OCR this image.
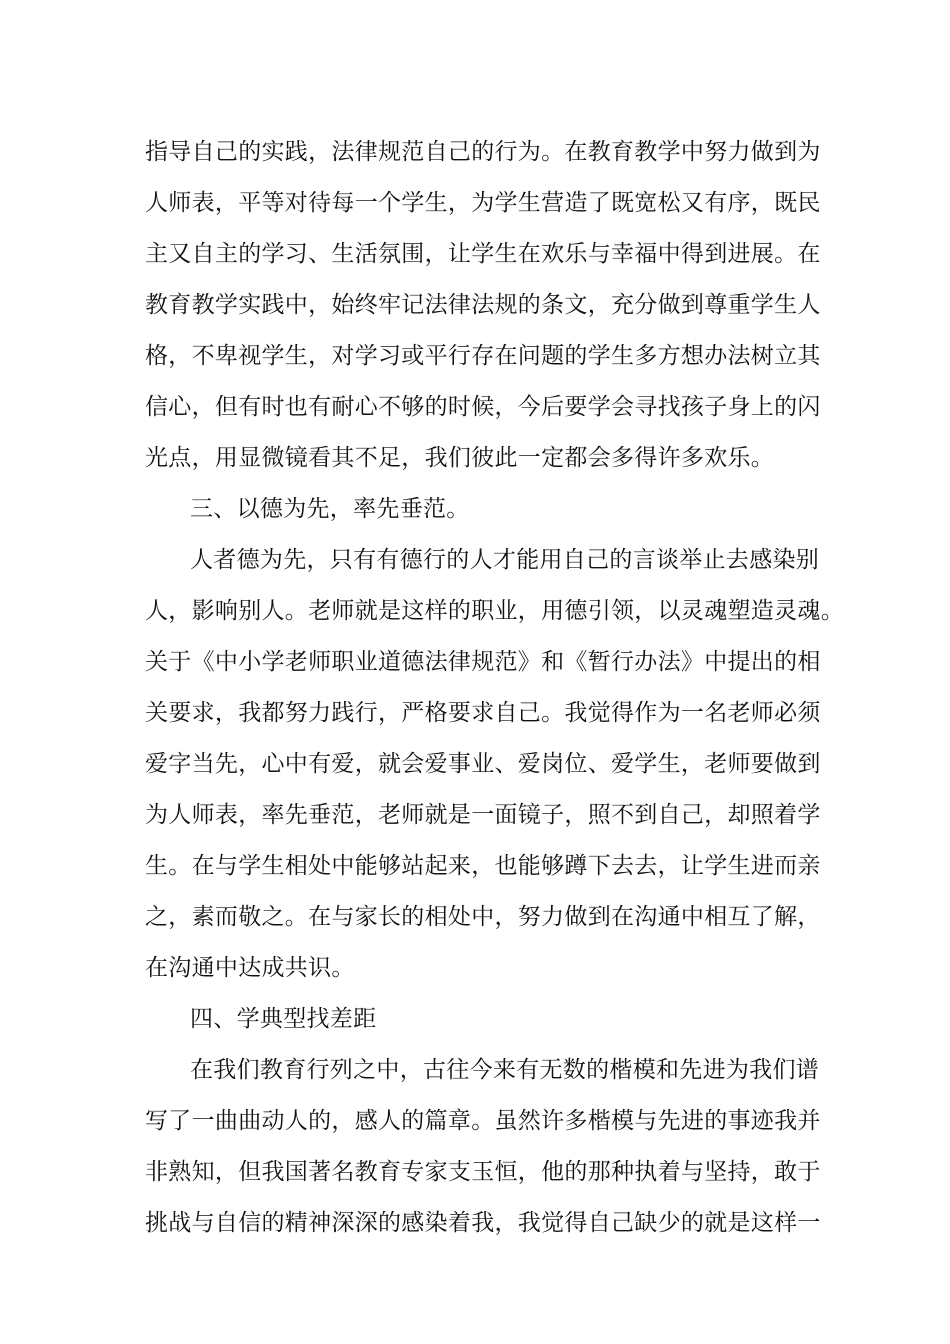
指导自己的实践，法律规范自己的行为。在教育教学中努力做到为
人师表，平等对待每一个学生，为学生营造了既宽松又有序，既民
主又自主的学习、生活氛围，让学生在欢乐与幸福中得到进展。在
教育教学实践中，始终牢记法律法规的条文，充分做到尊重学生人
格，不卑视学生，对学习或平行存在问题的学生多方想办法树立其
信心，但有时也有耐心不够的时候，今后要学会寻找孩子身上的闪
光点，用显微镜看其不足，我们彼此一定都会多得许多欢乐。
三、以德为先，率先垂范。
人者德为先，只有有德行的人才能用自己的言谈举止去感染别
人，影响别人。老师就是这样的职业，用德引领，以灵魂塑造灵魂。
关于《中小学老师职业道德法律规范》和《暂行办法》中提出的相
关要求，我都努力践行，严格要求自己。我觉得作为一名老师必须
爱字当先，心中有爱，就会爱事业、爱岗位、爱学生，老师要做到
为人师表，率先垂范，老师就是一面镜子，照不到自己，却照着学
生。在与学生相处中能够站起来，也能够蹲下去去，让学生进而亲
之，素而敬之。在与家长的相处中，努力做到在沟通中相互了解，
在沟通中达成共识。
四、学典型找差距
在我们教育行列之中，古往今来有无数的楷模和先进为我们谱
写了一曲曲动人的，感人的篇章。虽然许多楷模与先进的事迹我并
非熟知，但我国著名教育专家支玉恒，他的那种执着与坚持，敢于
挑战与自信的精神深深的感染着我，我觉得自己缺少的就是这样一
